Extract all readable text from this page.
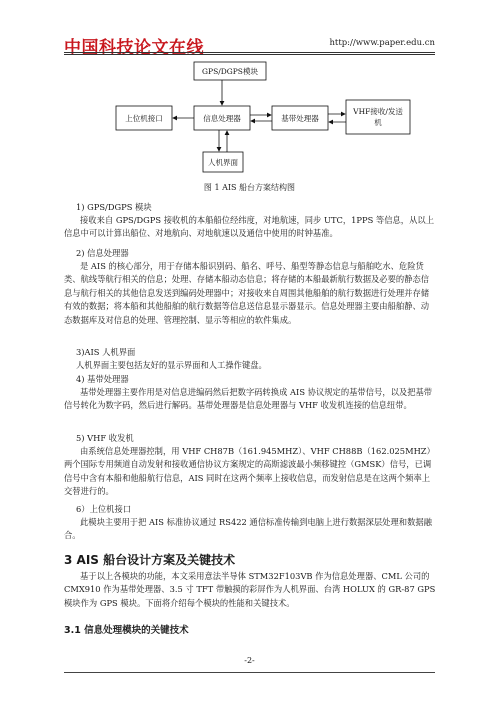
中国科技论文在线	http://www.paper.edu.cn
GPS/DGPS模块
上位机接口	信息处理器	基带处理器
VHF接收/发送
机
人机界面
图 1 AIS 船台方案结构图

1) GPS/DGPS 模块

接收来自 GPS/DGPS 接收机的本船船位经纬度，对地航速，同步 UTC，1PPS 等信息，从以上信息中可以计算出船位、对地航向、对地航速以及通信中使用的时钟基准。

2) 信息处理器

是 AIS 的核心部分，用于存储本船识别码、船名、呼号、船型等静态信息与船舶吃水、危险货类、航线等航行相关的信息；处理、存储本船动态信息；将存储的本船最新航行数据及必要的静态信息与航行相关的其他信息发送到编码处理器中；对接收来自周围其他船舶的航行数据进行处理并存储有效的数据；将本船和其他船舶的航行数据等信息送信息显示器显示。信息处理器主要由船舶静、动态数据库及对信息的处理、管理控制、显示等相应的软件集成。

3)AIS 人机界面

人机界面主要包括友好的显示界面和人工操作键盘。

4) 基带处理器

基带处理器主要作用是对信息进编码然后把数字码转换成 AIS 协议规定的基带信号，以及把基带信号转化为数字码，然后进行解码。基带处理器是信息处理器与 VHF 收发机连接的信息纽带。

5) VHF 收发机

由系统信息处理器控制，用 VHF CH87B（161.945MHZ）、VHF CH88B（162.025MHZ）两个国际专用频道自动发射和接收通信协议方案规定的高斯滤波最小频移键控（GMSK）信号，已调信号中含有本船和他船航行信息，AIS 同时在这两个频率上接收信息，而发射信息是在这两个频率上交替进行的。

6）上位机接口

此模块主要用于把 AIS 标准协议通过 RS422 通信标准传输到电脑上进行数据深层处理和数据融合。

3 AIS 船台设计方案及关键技术

基于以上各模块的功能，本文采用意法半导体 STM32F103VB 作为信息处理器、CML 公司的 CMX910 作为基带处理器、3.5 寸 TFT 带触摸的彩屏作为人机界面、台湾 HOLUX 的 GR-87 GPS 模块作为 GPS 模块。下面将介绍每个模块的性能和关键技术。

3.1 信息处理模块的关键技术
-2-
